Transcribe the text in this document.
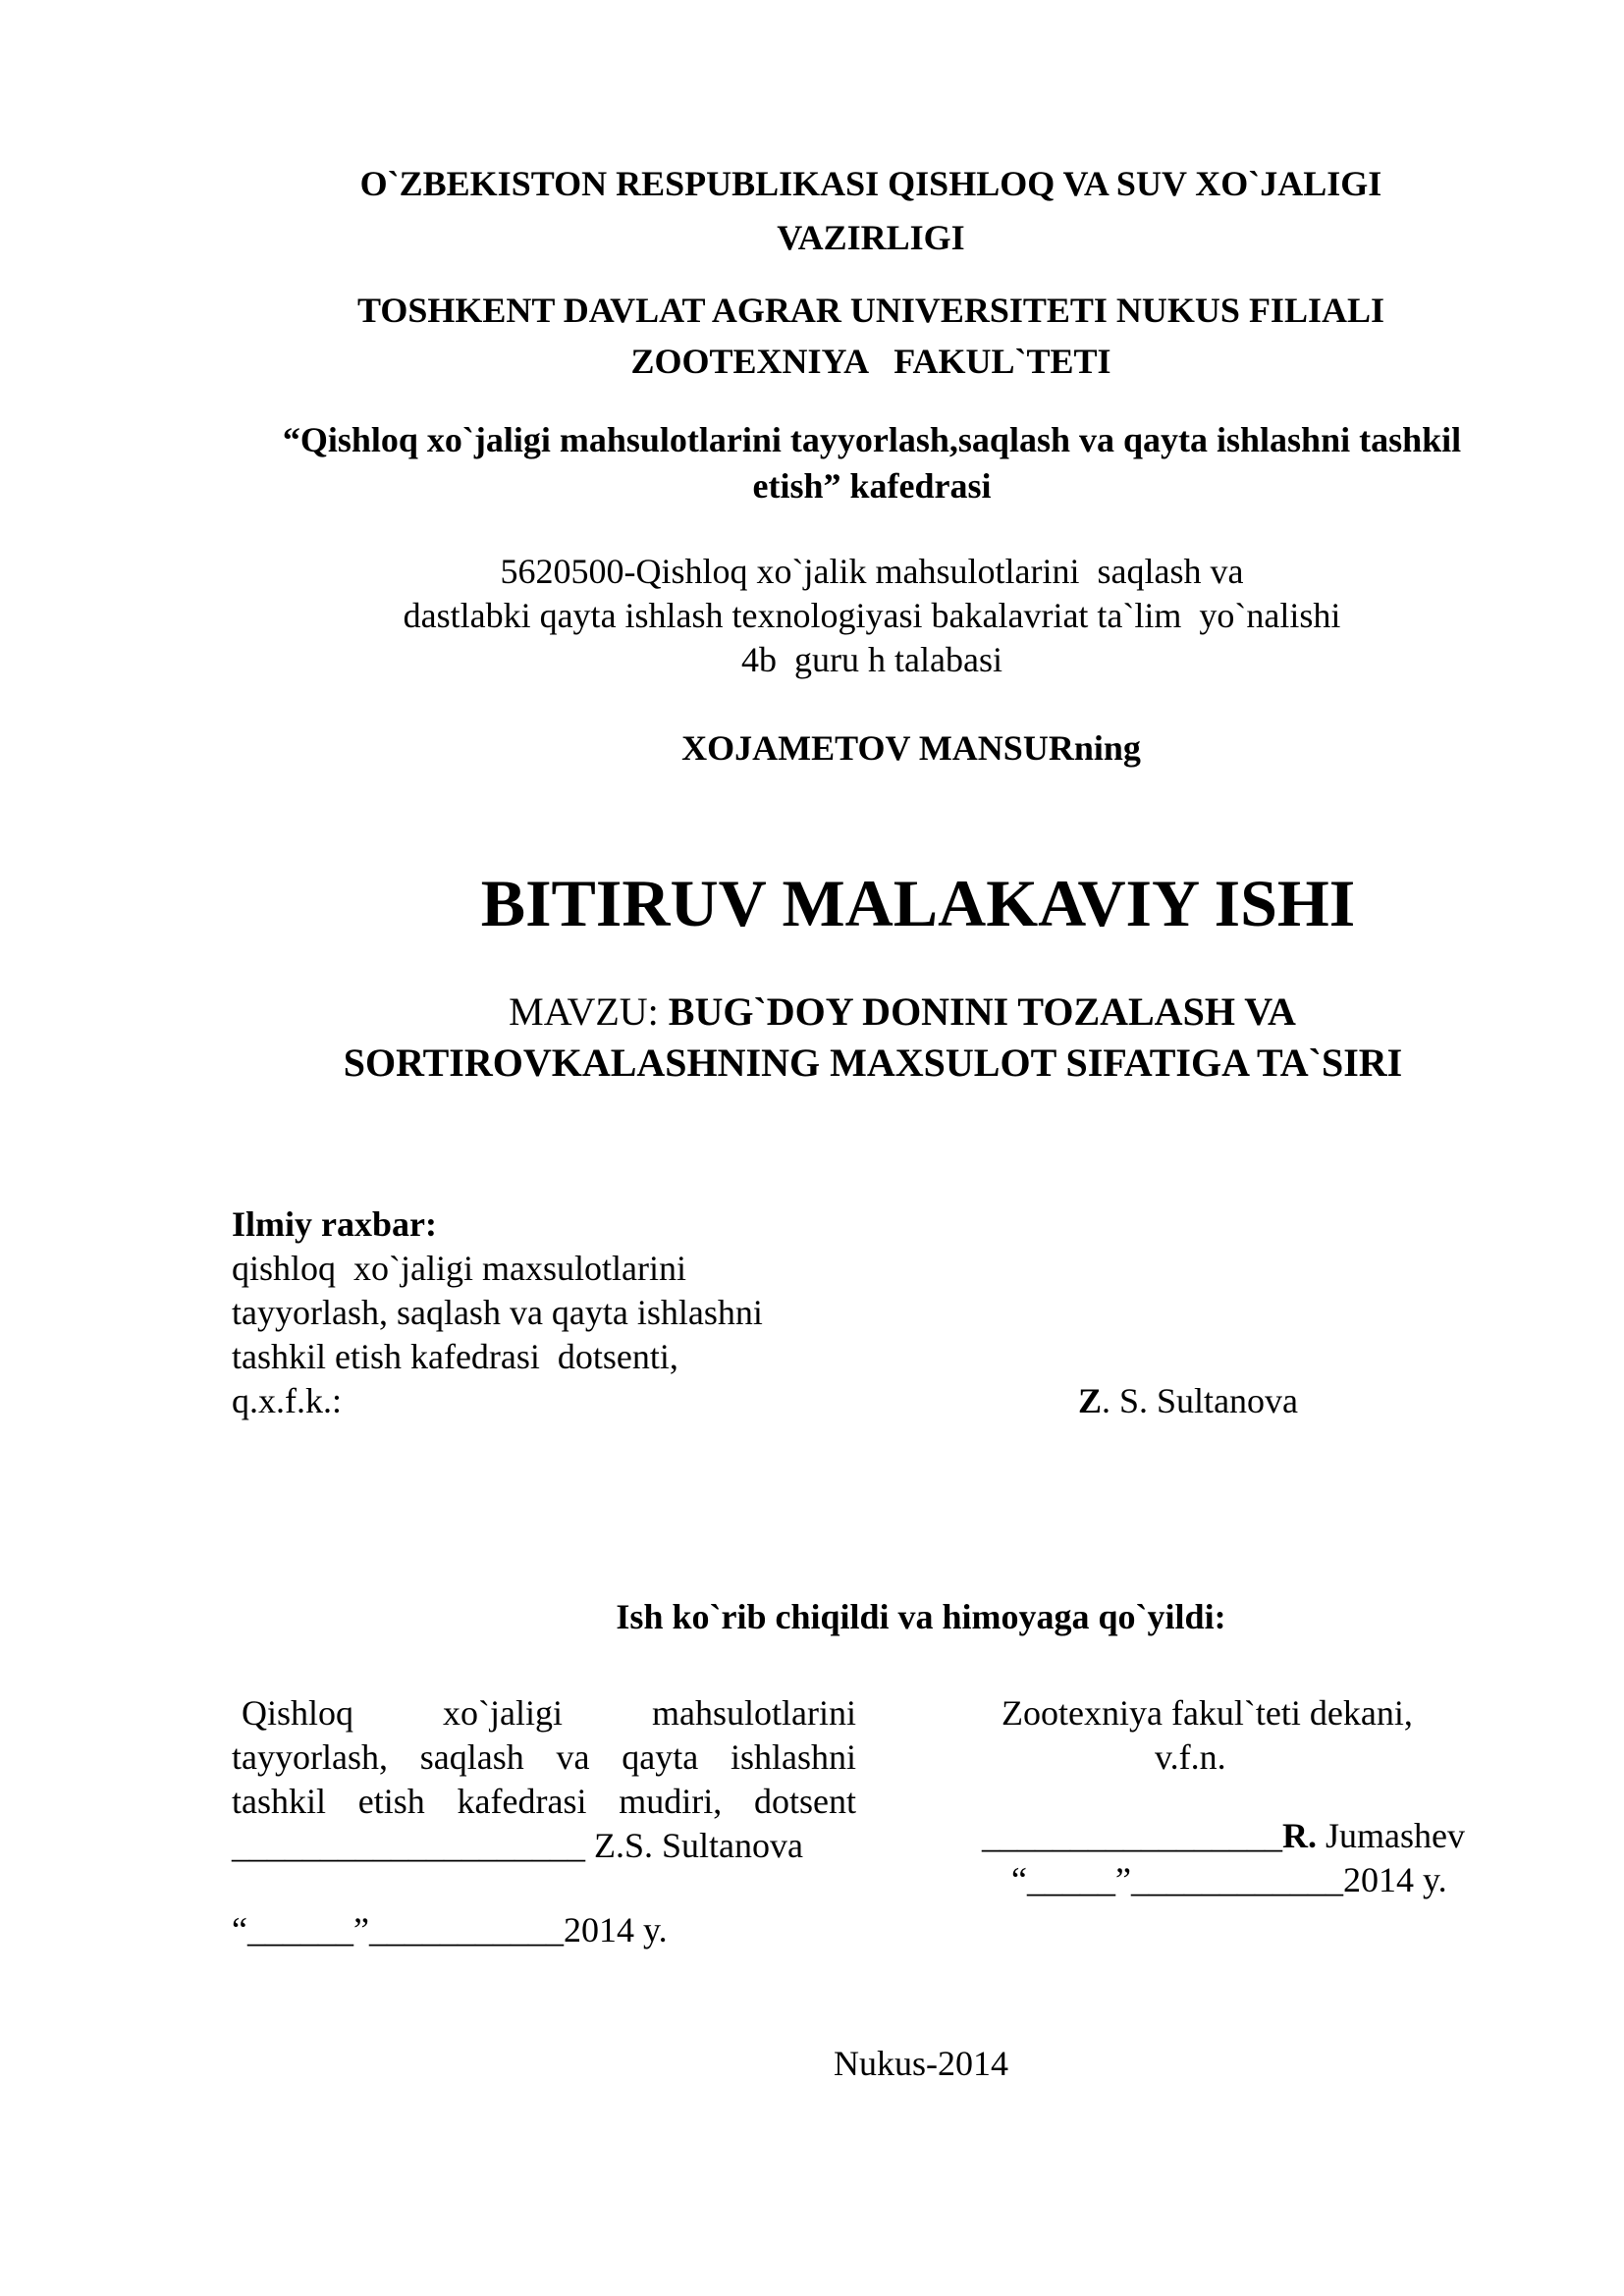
O`ZBEKISTON RESPUBLIKASI QISHLOQ VA SUV XO`JALIGI
VAZIRLIGI
TOSHKENT DAVLAT AGRAR UNIVERSITETI NUKUS FILIALI
ZOOTEXNIYA   FAKUL`TETI
“Qishloq xo`jaligi mahsulotlarini tayyorlash,saqlash va qayta ishlashni tashkil
etish” kafedrasi
5620500-Qishloq xo`jalik mahsulotlarini  saqlash va
dastlabki qayta ishlash texnologiyasi bakalavriat ta`lim  yo`nalishi
4b  guru h talabasi
XOJAMETOV MANSURning
BITIRUV MALAKAVIY ISHI
MAVZU: BUG`DOY DONINI TOZALASH VA
SORTIROVKALASHNING MAXSULOT SIFATIGA TA`SIRI
Ilmiy raxbar:
qishloq  xo`jaligi maxsulotlarini
tayyorlash, saqlash va qayta ishlashni
tashkil etish kafedrasi  dotsenti,
q.x.f.k.:	Z. S. Sultanova
Ish ko`rib chiqildi va himoyaga qo`yildi:
Qishloq xo`jaligi mahsulotlarini
tayyorlash, saqlash va qayta ishlashni
tashkil etish kafedrasi mudiri, dotsent
____________________ Z.S. Sultanova
“______”___________2014 y.
Zootexniya fakul`teti dekani,
v.f.n.
_________________R. Jumashev
“_____”____________2014 y.
Nukus-2014
